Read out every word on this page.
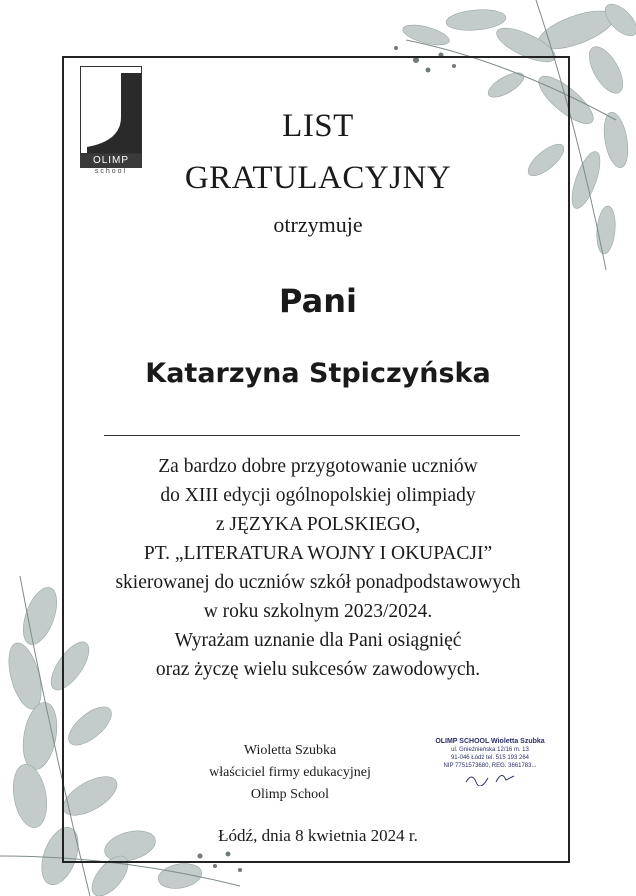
OLIMP
school
LIST
GRATULACYJNY
otrzymuje
Pani
Katarzyna Stpiczyńska
Za bardzo dobre przygotowanie uczniów
do XIII edycji ogólnopolskiej olimpiady
z JĘZYKA POLSKIEGO,
PT. „LITERATURA WOJNY I OKUPACJI”
skierowanej do uczniów szkół ponadpodstawowych
w roku szkolnym 2023/2024.
Wyrażam uznanie dla Pani osiągnięć
oraz życzę wielu sukcesów zawodowych.
Wioletta Szubka
właściciel firmy edukacyjnej
Olimp School
OLIMP SCHOOL Wioletta Szubka
ul. Gnieźnieńska 12/16 m. 13
91-046 Łódź tel. 515 193 264
NIP 7751573680, REG. 3661783...
Łódź, dnia 8 kwietnia 2024 r.
